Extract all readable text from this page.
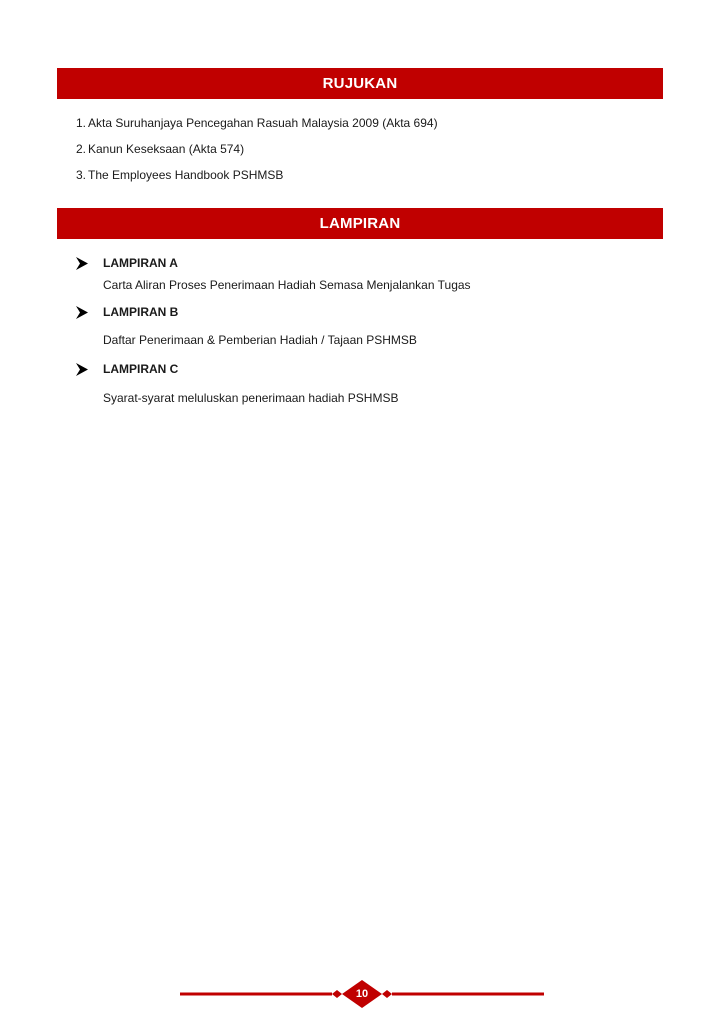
RUJUKAN
1. Akta Suruhanjaya Pencegahan Rasuah Malaysia 2009 (Akta 694)
2. Kanun Keseksaan (Akta 574)
3. The Employees Handbook PSHMSB
LAMPIRAN
LAMPIRAN A
Carta Aliran Proses Penerimaan Hadiah Semasa Menjalankan Tugas
LAMPIRAN B
Daftar Penerimaan & Pemberian Hadiah / Tajaan PSHMSB
LAMPIRAN C
Syarat-syarat meluluskan penerimaan hadiah PSHMSB
10
